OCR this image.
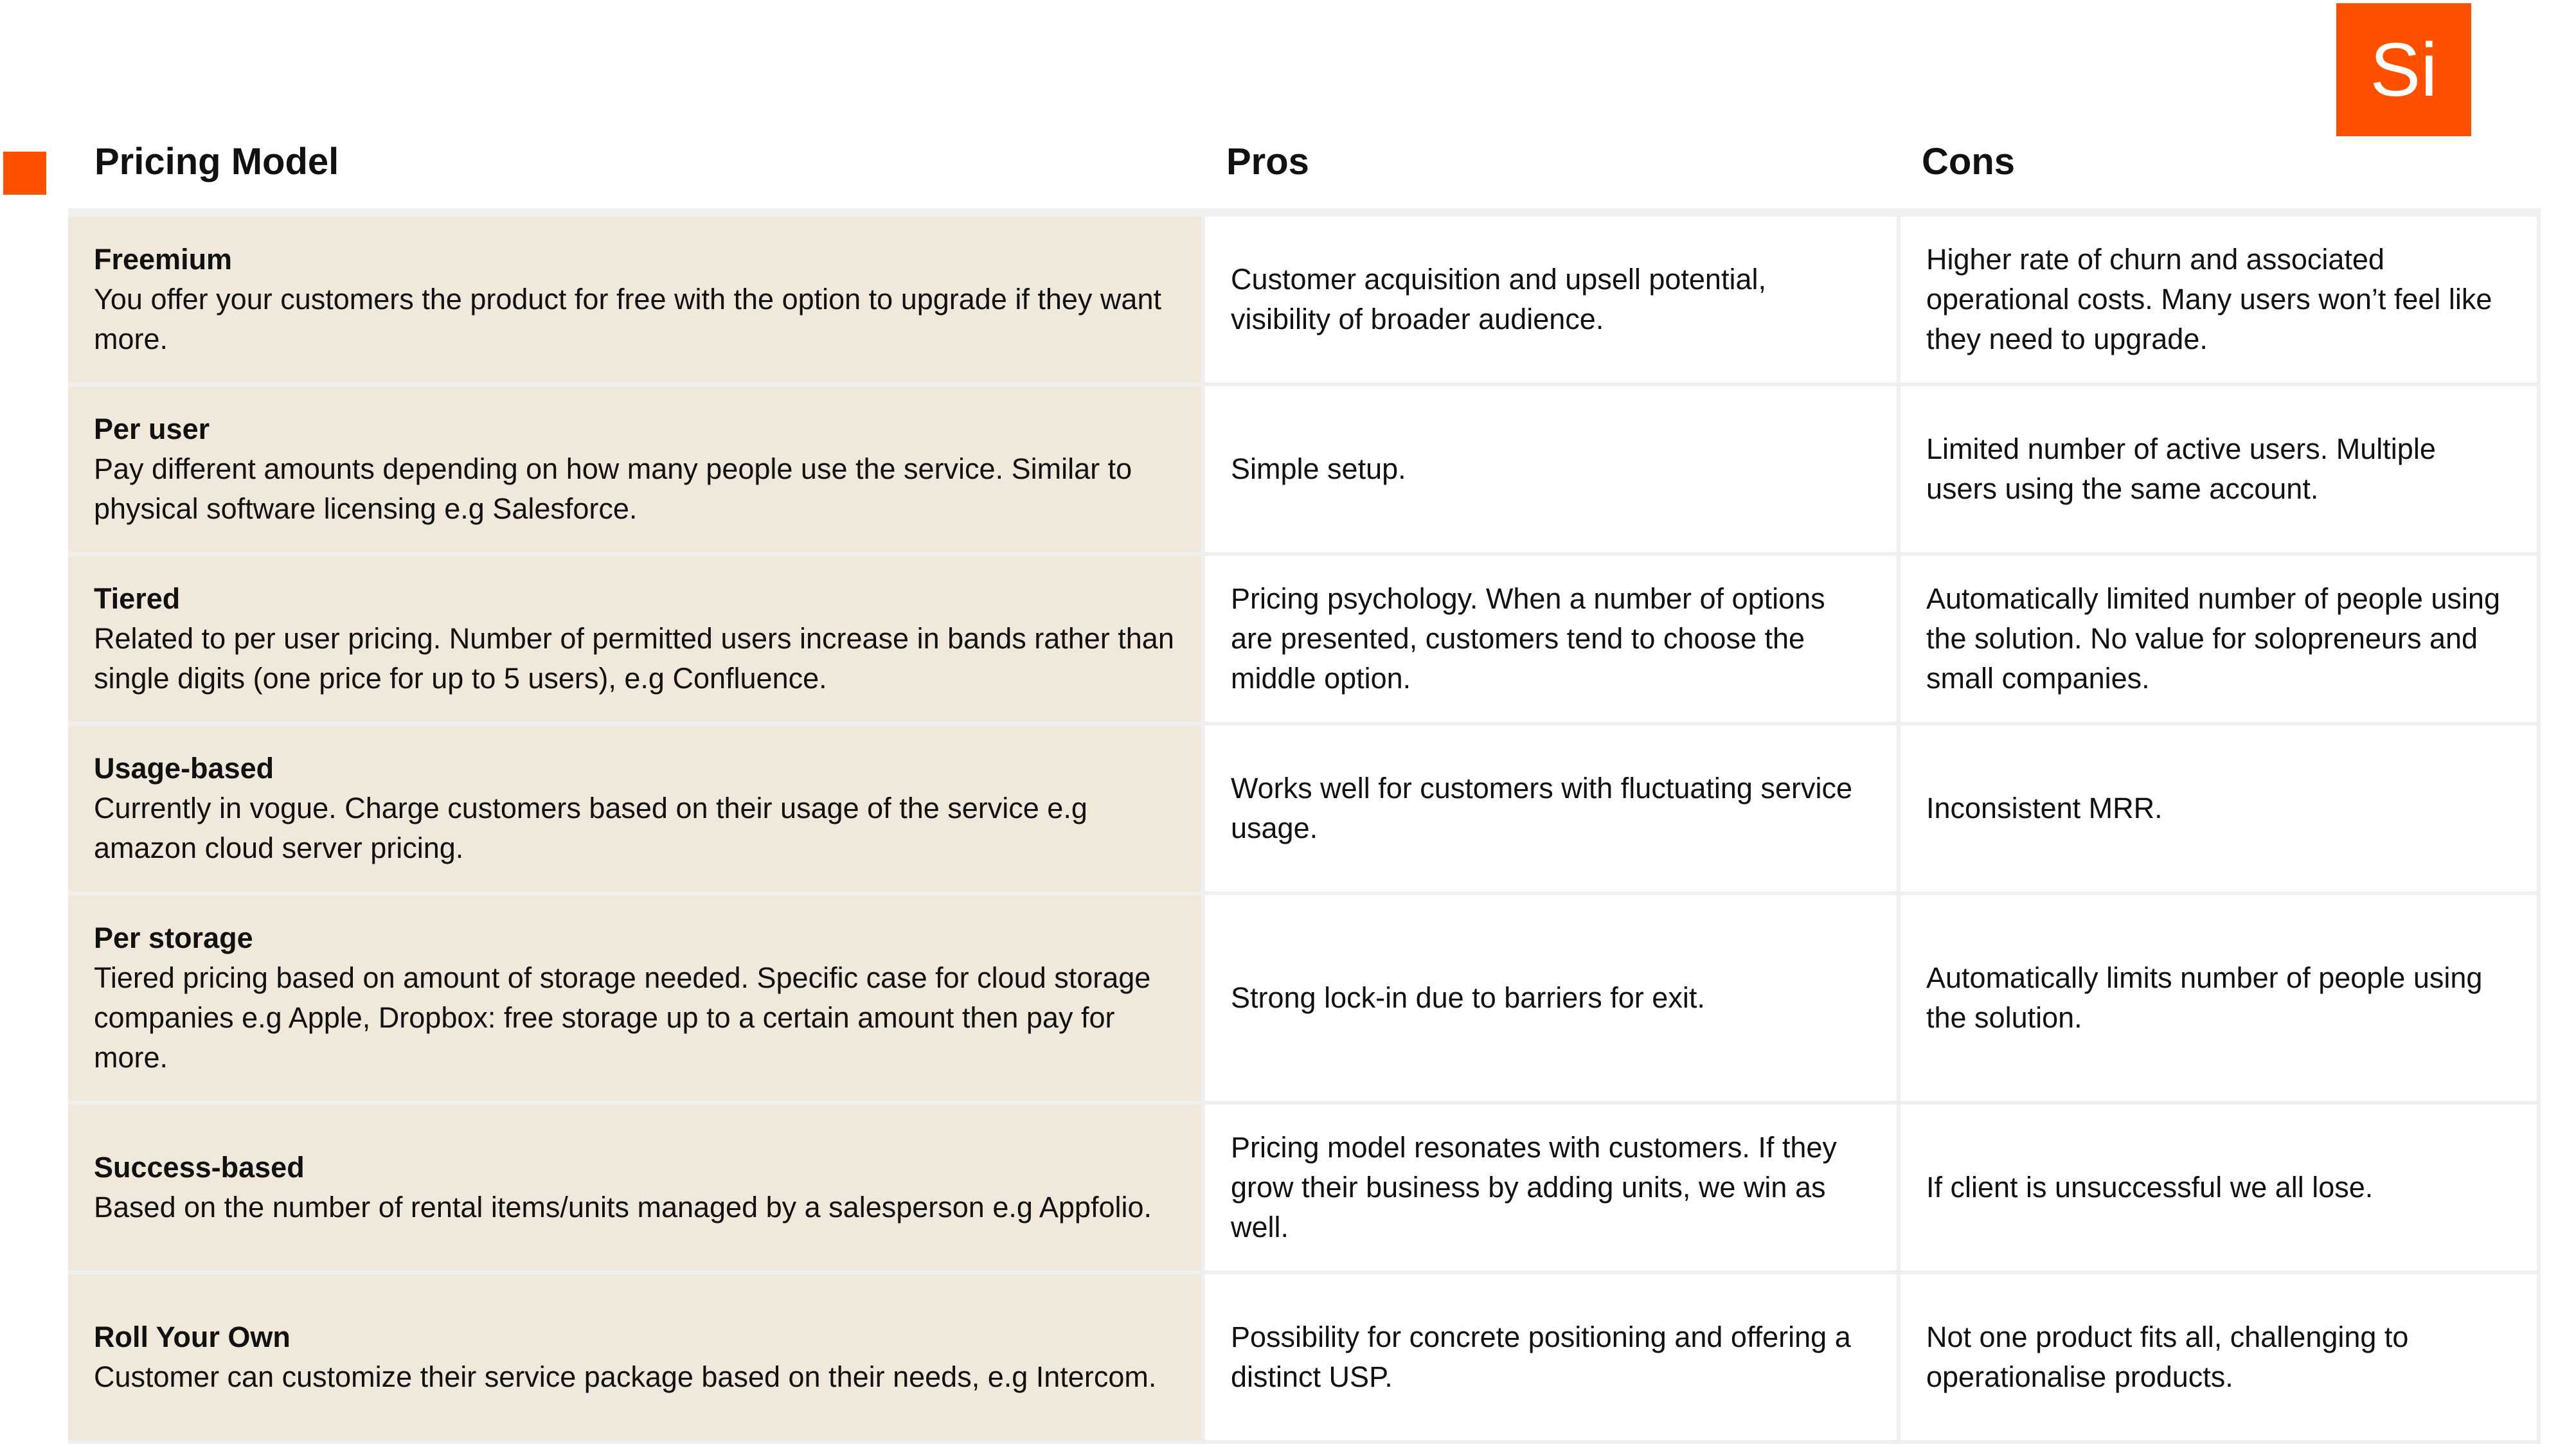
Si
Pricing Model	Pros	Cons
Freemium
You offer your customers the product for free with the option to upgrade if they want more.
Customer acquisition and upsell potential, visibility of broader audience.
Higher rate of churn and associated operational costs. Many users won’t feel like they need to upgrade.
Per user
Pay different amounts depending on how many people use the service. Similar to physical software licensing e.g Salesforce.
Simple setup.
Limited number of active users. Multiple users using the same account.
Tiered
Related to per user pricing. Number of permitted users increase in bands rather than single digits (one price for up to 5 users), e.g Confluence.
Pricing psychology. When a number of options are presented, customers tend to choose the middle option.
Automatically limited number of people using the solution. No value for solopreneurs and small companies.
Usage-based
Currently in vogue. Charge customers based on their usage of the service e.g amazon cloud server pricing.
Works well for customers with fluctuating service usage.
Inconsistent MRR.
Per storage
Tiered pricing based on amount of storage needed. Specific case for cloud storage companies e.g Apple, Dropbox: free storage up to a certain amount then pay for more.
Strong lock-in due to barriers for exit.
Automatically limits number of people using the solution.
Success-based
Based on the number of rental items/units managed by a salesperson e.g Appfolio.
Pricing model resonates with customers. If they grow their business by adding units, we win as well.
If client is unsuccessful we all lose.
Roll Your Own
Customer can customize their service package based on their needs, e.g Intercom.
Possibility for concrete positioning and offering a distinct USP.
Not one product fits all, challenging to operationalise products.
